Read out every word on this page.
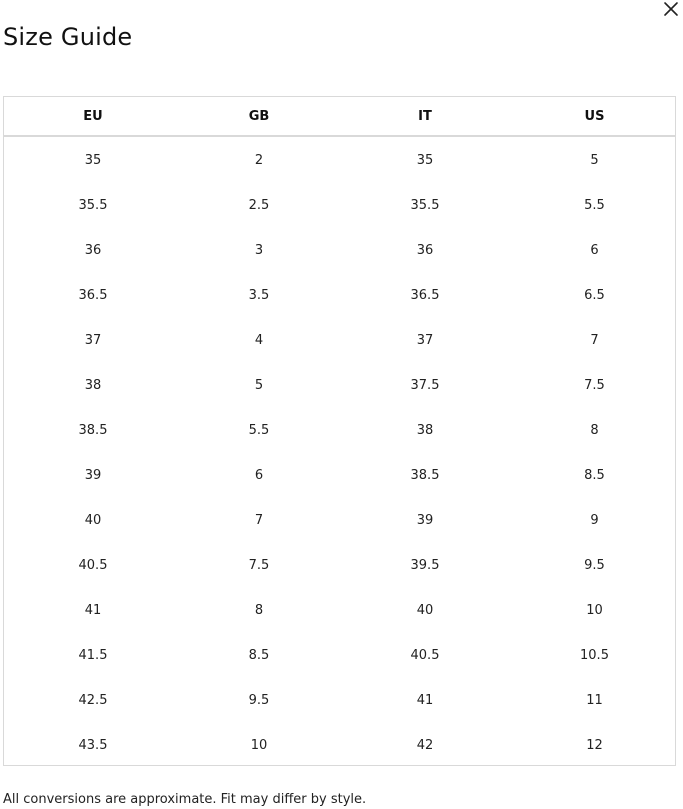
Size Guide
EU	GB	IT	US
35	2	35	5
35.5	2.5	35.5	5.5
36	3	36	6
36.5	3.5	36.5	6.5
37	4	37	7
38	5	37.5	7.5
38.5	5.5	38	8
39	6	38.5	8.5
40	7	39	9
40.5	7.5	39.5	9.5
41	8	40	10
41.5	8.5	40.5	10.5
42.5	9.5	41	11
43.5	10	42	12
All conversions are approximate. Fit may differ by style.
